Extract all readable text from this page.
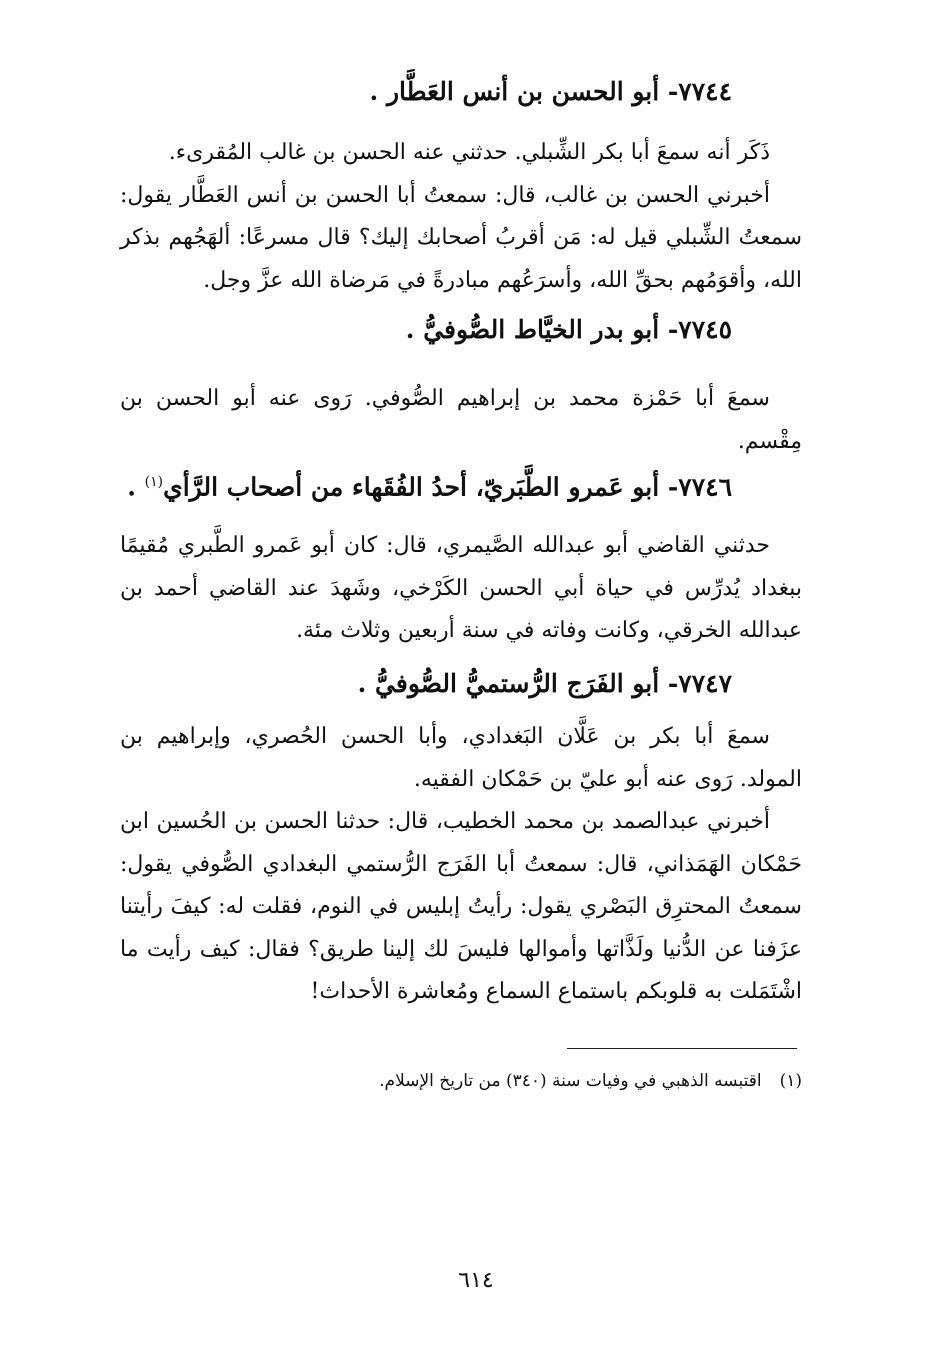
٧٧٤٤- أبو الحسن بن أنس العَطَّار .

ذَكَر أنه سمعَ أبا بكر الشِّبلي. حدثني عنه الحسن بن غالب المُقرىء.

أخبرني الحسن بن غالب، قال: سمعتُ أبا الحسن بن أنس العَطَّار يقول: سمعتُ الشِّبلي قيل له: مَن أقربُ أصحابك إليك؟ قال مسرعًا: ألهَجُهم بذكر الله، وأقوَمُهم بحقِّ الله، وأسرَعُهم مبادرةً في مَرضاة الله عزَّ وجل.

٧٧٤٥- أبو بدر الخيَّاط الصُّوفيُّ .

سمعَ أبا حَمْزة محمد بن إبراهيم الصُّوفي. رَوى عنه أبو الحسن بن مِقْسم.

٧٧٤٦- أبو عَمرو الطَّبَريّ، أحدُ الفُقَهاء من أصحاب الرَّأي$^{(١)}$ .

حدثني القاضي أبو عبدالله الصَّيمري، قال: كان أبو عَمرو الطَّبري مُقيمًا ببغداد يُدرِّس في حياة أبي الحسن الكَرْخي، وشَهدَ عند القاضي أحمد بن عبدالله الخرقي، وكانت وفاته في سنة أربعين وثلاث مئة.

٧٧٤٧- أبو الفَرَج الرُّستميُّ الصُّوفيُّ .

سمعَ أبا بكر بن عَلَّان البَغدادي، وأبا الحسن الحُصري، وإبراهيم بن المولد. رَوى عنه أبو عليّ بن حَمْكان الفقيه.

أخبرني عبدالصمد بن محمد الخطيب، قال: حدثنا الحسن بن الحُسين ابن حَمْكان الهَمَذاني، قال: سمعتُ أبا الفَرَج الرُّستمي البغدادي الصُّوفي يقول: سمعتُ المحترِق البَصْري يقول: رأيتُ إبليس في النوم، فقلت له: كيفَ رأيتنا عزَفنا عن الدُّنيا ولَذَّاتها وأموالها فليسَ لك إلينا طريق؟ فقال: كيف رأيت ما اشْتَمَلت به قلوبكم باستماع السماع ومُعاشرة الأحداث!

(١)اقتبسه الذهبي في وفيات سنة (٣٤٠) من تاريخ الإسلام.
٦١٤
